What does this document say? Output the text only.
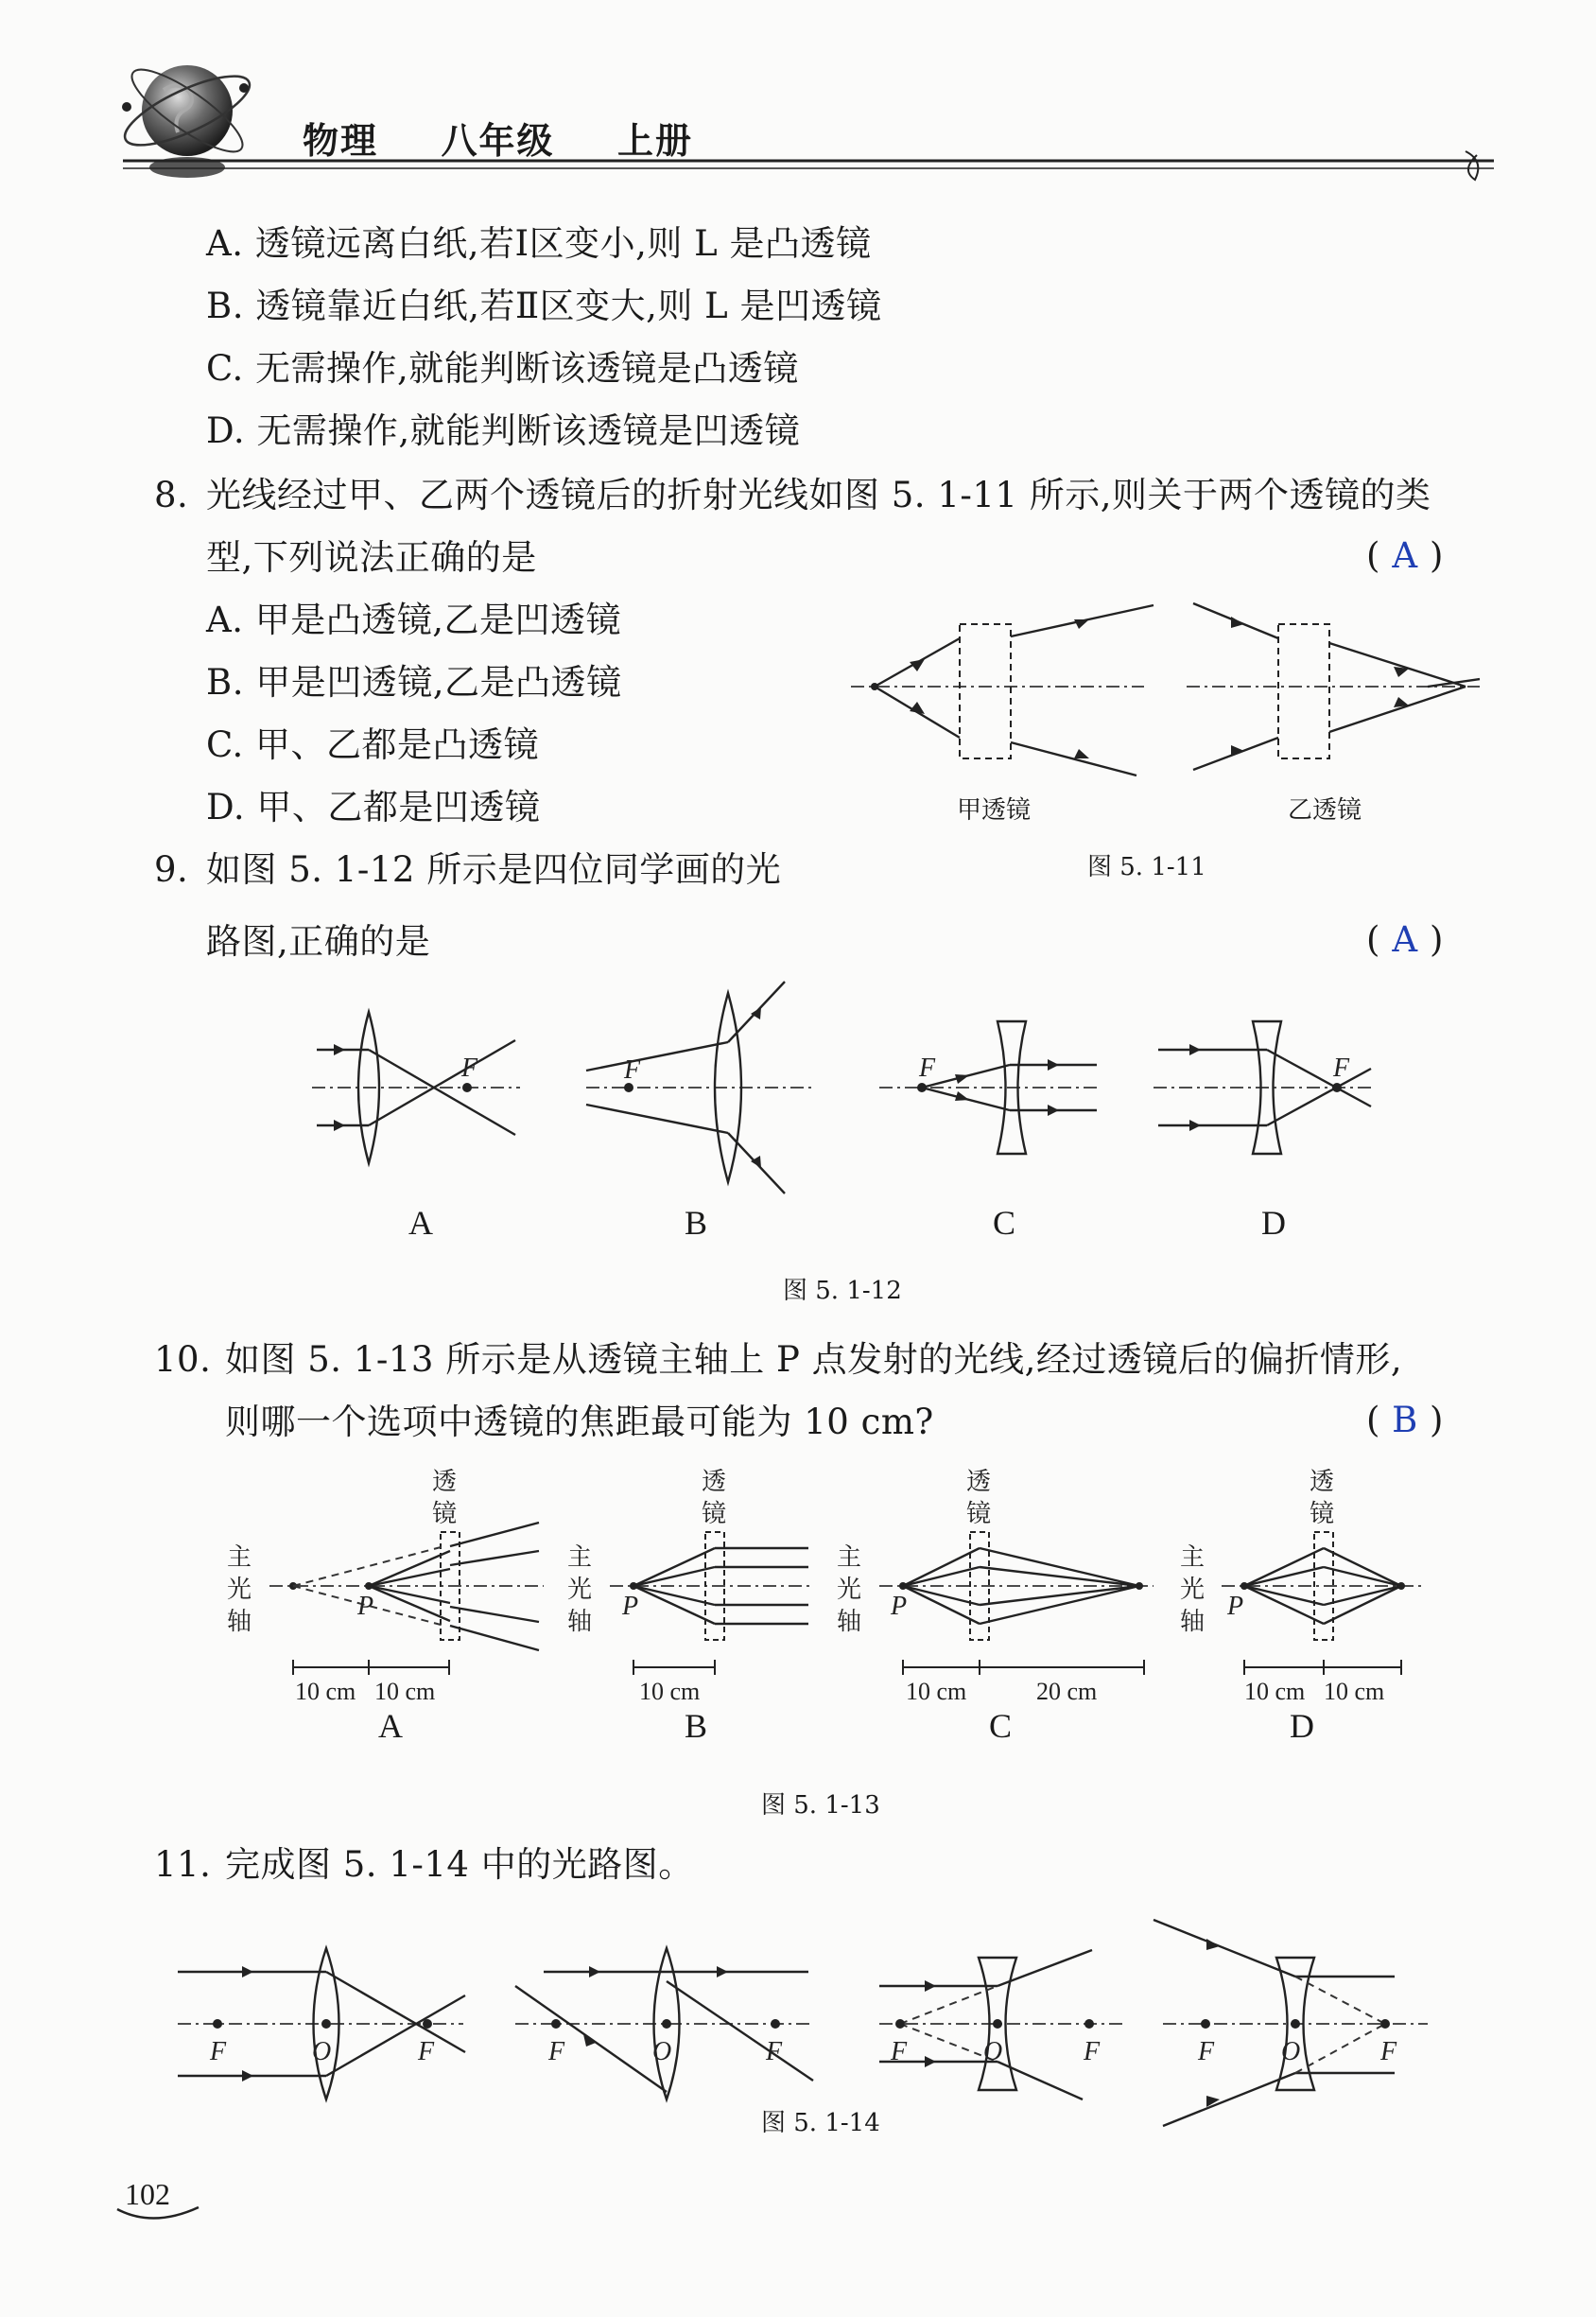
物理 八年级 上册
A. 透镜远离白纸,若Ⅰ区变小,则 L 是凸透镜
B. 透镜靠近白纸,若Ⅱ区变大,则 L 是凹透镜
C. 无需操作,就能判断该透镜是凸透镜
D. 无需操作,就能判断该透镜是凹透镜
8. 光线经过甲、乙两个透镜后的折射光线如图 5. 1-11 所示,则关于两个透镜的类
型,下列说法正确的是	( A )
A. 甲是凸透镜,乙是凹透镜
B. 甲是凹透镜,乙是凸透镜
C. 甲、乙都是凸透镜
D. 甲、乙都是凹透镜	甲透镜	乙透镜
图 5. 1-11
9. 如图 5. 1-12 所示是四位同学画的光
路图,正确的是	( A )
F	F	F	F
A	B	C	D
图 5. 1-12
10. 如图 5. 1-13 所示是从透镜主轴上 P 点发射的光线,经过透镜后的偏折情形,
则哪一个选项中透镜的焦距最可能为 10 cm?	( B )
主
光
轴
透
镜
P
10 cm 10 cm
主
光
轴
透
镜
P
10 cm
主
光
轴
透
镜
P
10 cm	20 cm
主
光
轴
透
镜
P
10 cm 10 cm
A	B	C	D
图 5. 1-13
11. 完成图 5. 1-14 中的光路图。
F	O	F	F	O	F	F	O	F	F	O	F
图 5. 1-14
102
